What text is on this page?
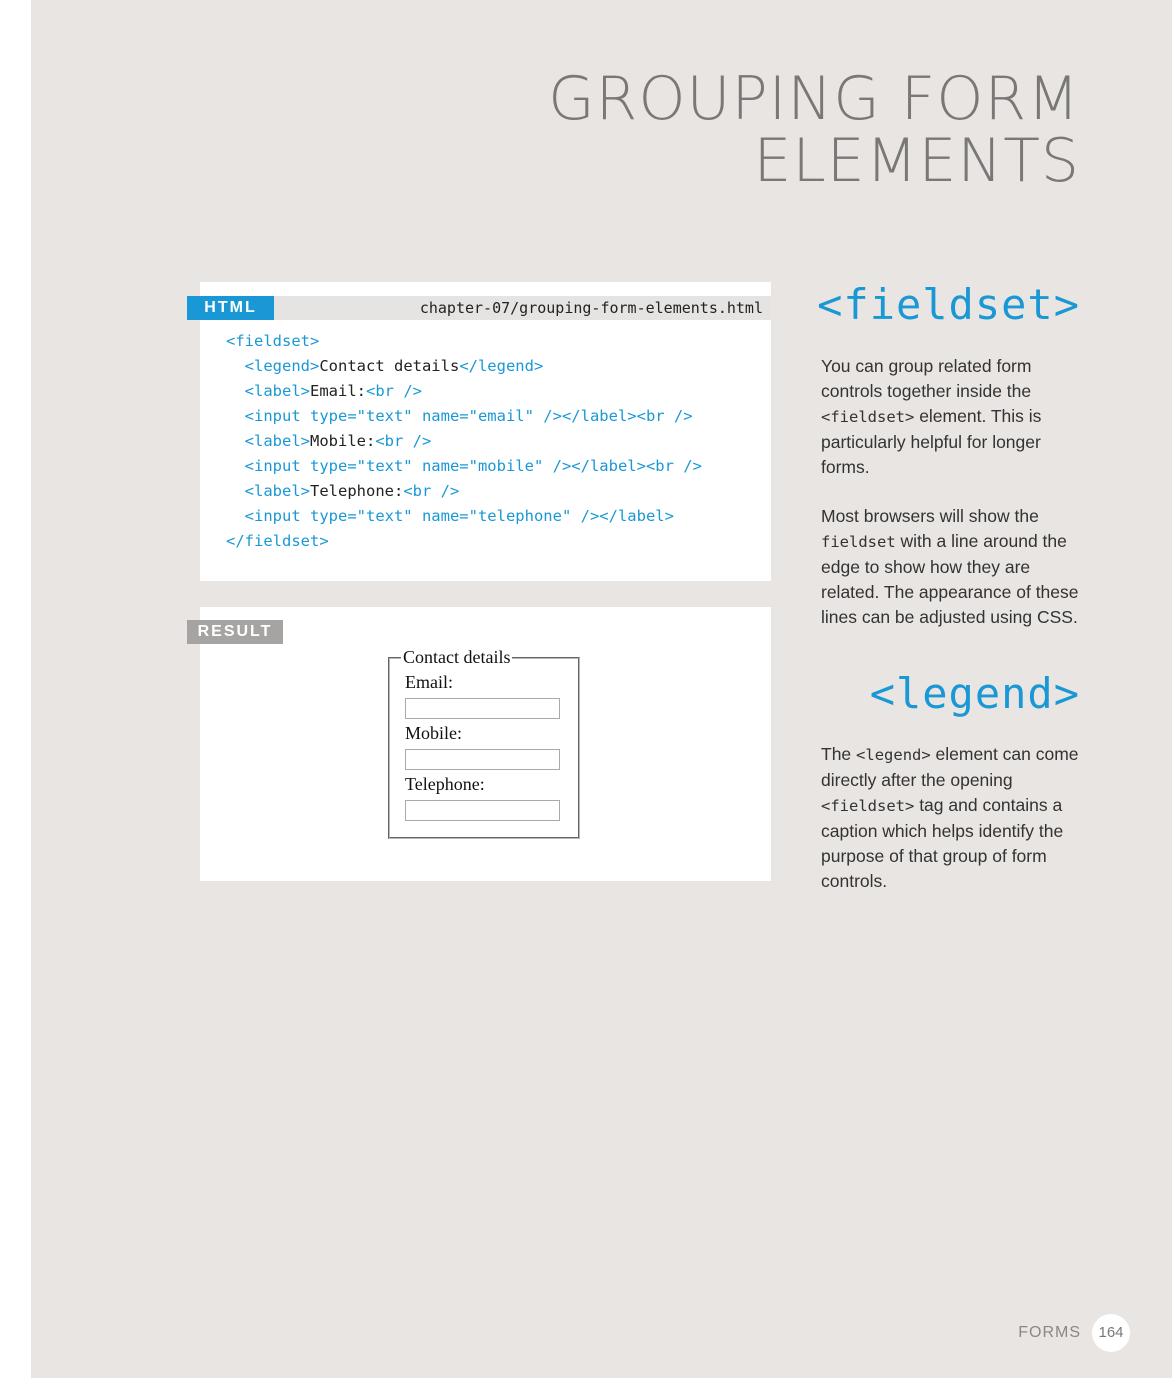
GROUPING FORM
ELEMENTS
HTML	chapter-07/grouping-form-elements.html
<fieldset>
<legend>Contact details</legend>
<label>Email:<br />
<input type="text" name="email" /></label><br />
<label>Mobile:<br />
<input type="text" name="mobile" /></label><br />
<label>Telephone:<br />
<input type="text" name="telephone" /></label>
</fieldset>
RESULT
Contact details
Email:
Mobile:
Telephone:
<fieldset>

You can group related form controls together inside the <fieldset> element. This is particularly helpful for longer forms.

Most browsers will show the fieldset with a line around the edge to show how they are related. The appearance of these lines can be adjusted using CSS.

<legend>

The <legend> element can come directly after the opening <fieldset> tag and contains a caption which helps identify the purpose of that group of form controls.

FORMS	164
